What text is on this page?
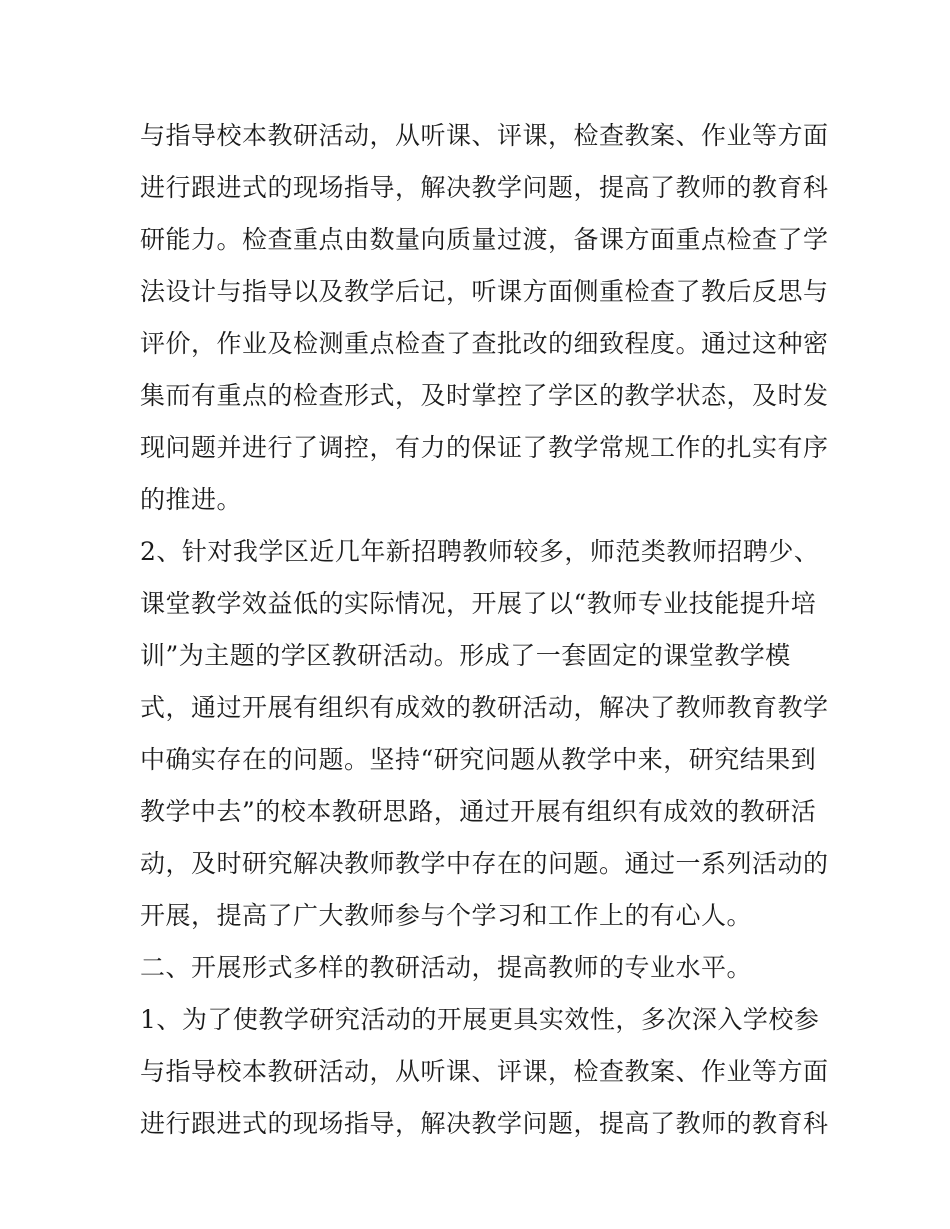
与指导校本教研活动，从听课、评课，检查教案、作业等方面
进行跟进式的现场指导，解决教学问题，提高了教师的教育科
研能力。检查重点由数量向质量过渡，备课方面重点检查了学
法设计与指导以及教学后记，听课方面侧重检查了教后反思与
评价，作业及检测重点检查了查批改的细致程度。通过这种密
集而有重点的检查形式，及时掌控了学区的教学状态，及时发
现问题并进行了调控，有力的保证了教学常规工作的扎实有序
的推进。
2、针对我学区近几年新招聘教师较多，师范类教师招聘少、
课堂教学效益低的实际情况，开展了以“教师专业技能提升培
训”为主题的学区教研活动。形成了一套固定的课堂教学模
式，通过开展有组织有成效的教研活动，解决了教师教育教学
中确实存在的问题。坚持“研究问题从教学中来，研究结果到
教学中去”的校本教研思路，通过开展有组织有成效的教研活
动，及时研究解决教师教学中存在的问题。通过一系列活动的
开展，提高了广大教师参与个学习和工作上的有心人。
二、开展形式多样的教研活动，提高教师的专业水平。
1、为了使教学研究活动的开展更具实效性，多次深入学校参
与指导校本教研活动，从听课、评课，检查教案、作业等方面
进行跟进式的现场指导，解决教学问题，提高了教师的教育科
